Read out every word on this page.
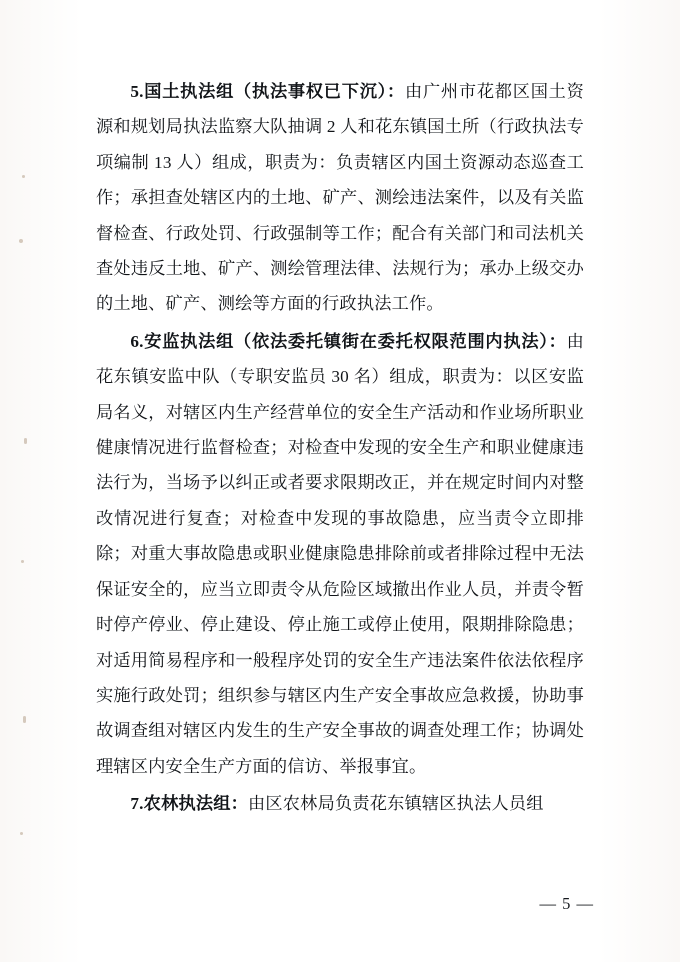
5.国土执法组（执法事权已下沉）：由广州市花都区国土资源和规划局执法监察大队抽调 2 人和花东镇国土所（行政执法专项编制 13 人）组成，职责为：负责辖区内国土资源动态巡查工作；承担查处辖区内的土地、矿产、测绘违法案件，以及有关监督检查、行政处罚、行政强制等工作；配合有关部门和司法机关查处违反土地、矿产、测绘管理法律、法规行为；承办上级交办的土地、矿产、测绘等方面的行政执法工作。

6.安监执法组（依法委托镇街在委托权限范围内执法）：由花东镇安监中队（专职安监员 30 名）组成，职责为：以区安监局名义，对辖区内生产经营单位的安全生产活动和作业场所职业健康情况进行监督检查；对检查中发现的安全生产和职业健康违法行为，当场予以纠正或者要求限期改正，并在规定时间内对整改情况进行复查；对检查中发现的事故隐患，应当责令立即排除；对重大事故隐患或职业健康隐患排除前或者排除过程中无法保证安全的，应当立即责令从危险区域撤出作业人员，并责令暂时停产停业、停止建设、停止施工或停止使用，限期排除隐患；对适用简易程序和一般程序处罚的安全生产违法案件依法依程序实施行政处罚；组织参与辖区内生产安全事故应急救援，协助事故调查组对辖区内发生的生产安全事故的调查处理工作；协调处理辖区内安全生产方面的信访、举报事宜。

7.农林执法组：由区农林局负责花东镇辖区执法人员组

— 5 —
